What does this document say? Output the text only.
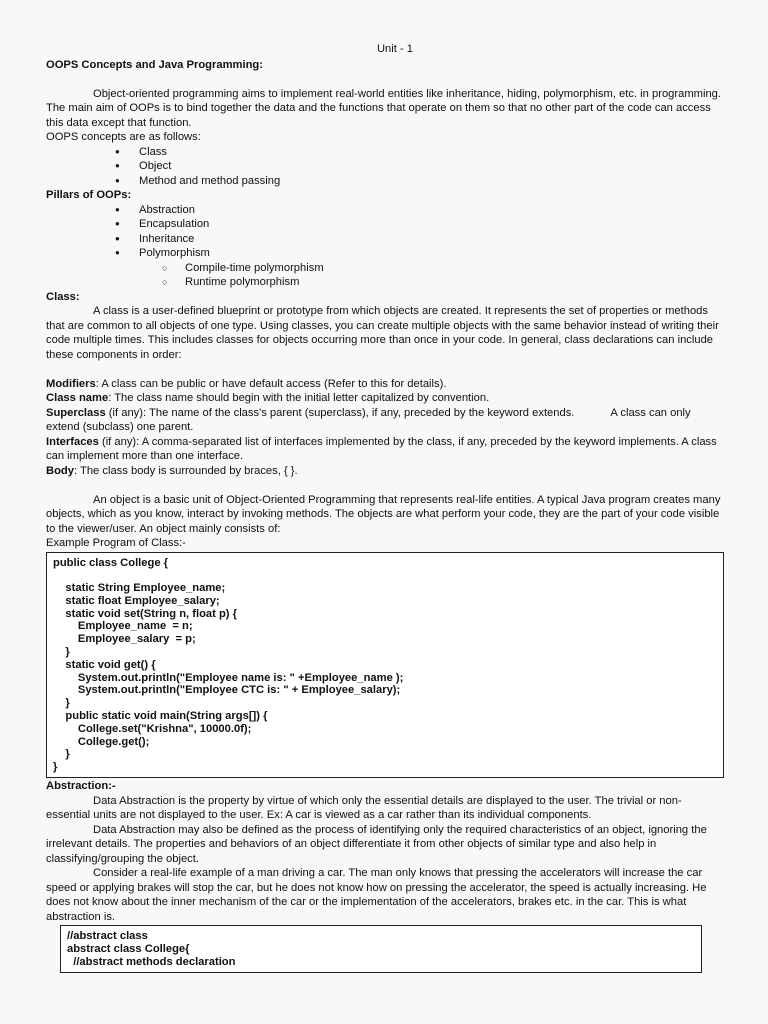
Unit - 1

OOPS Concepts and Java Programming:

Object-oriented programming aims to implement real-world entities like inheritance, hiding, polymorphism, etc. in programming. The main aim of OOPs is to bind together the data and the functions that operate on them so that no other part of the code can access this data except that function.

OOPS concepts are as follows:

● Class
● Object
● Method and method passing

Pillars of OOPs:

● Abstraction
● Encapsulation
● Inheritance
● Polymorphism
○ Compile-time polymorphism
○ Runtime polymorphism

Class:

A class is a user-defined blueprint or prototype from which objects are created. It represents the set of properties or methods that are common to all objects of one type. Using classes, you can create multiple objects with the same behavior instead of writing their code multiple times. This includes classes for objects occurring more than once in your code. In general, class declarations can include these components in order:

Modifiers: A class can be public or have default access (Refer to this for details).

Class name: The class name should begin with the initial letter capitalized by convention.

Superclass (if any): The name of the class's parent (superclass), if any, preceded by the keyword extends.	A class can only extend (subclass) one parent.

Interfaces (if any): A comma-separated list of interfaces implemented by the class, if any, preceded by the keyword implements. A class can implement more than one interface.

Body: The class body is surrounded by braces, { }.

An object is a basic unit of Object-Oriented Programming that represents real-life entities. A typical Java program creates many objects, which as you know, interact by invoking methods. The objects are what perform your code, they are the part of your code visible to the viewer/user. An object mainly consists of:

Example Program of Class:-

public class College {

static String Employee_name;
static float Employee_salary;
static void set(String n, float p) {
Employee_name  = n;
Employee_salary  = p;
}
static void get() {
System.out.println("Employee name is: " +Employee_name );
System.out.println("Employee CTC is: " + Employee_salary);
}
public static void main(String args[]) {
College.set("Krishna", 10000.0f);
College.get();
}
}

Abstraction:-

Data Abstraction is the property by virtue of which only the essential details are displayed to the user. The trivial or non-essential units are not displayed to the user. Ex: A car is viewed as a car rather than its individual components.

Data Abstraction may also be defined as the process of identifying only the required characteristics of an object, ignoring the irrelevant details. The properties and behaviors of an object differentiate it from other objects of similar type and also help in classifying/grouping the object.

Consider a real-life example of a man driving a car. The man only knows that pressing the accelerators will increase the car speed or applying brakes will stop the car, but he does not know how on pressing the accelerator, the speed is actually increasing. He does not know about the inner mechanism of the car or the implementation of the accelerators, brakes etc. in the car. This is what abstraction is.

//abstract class
abstract class College{
//abstract methods declaration
